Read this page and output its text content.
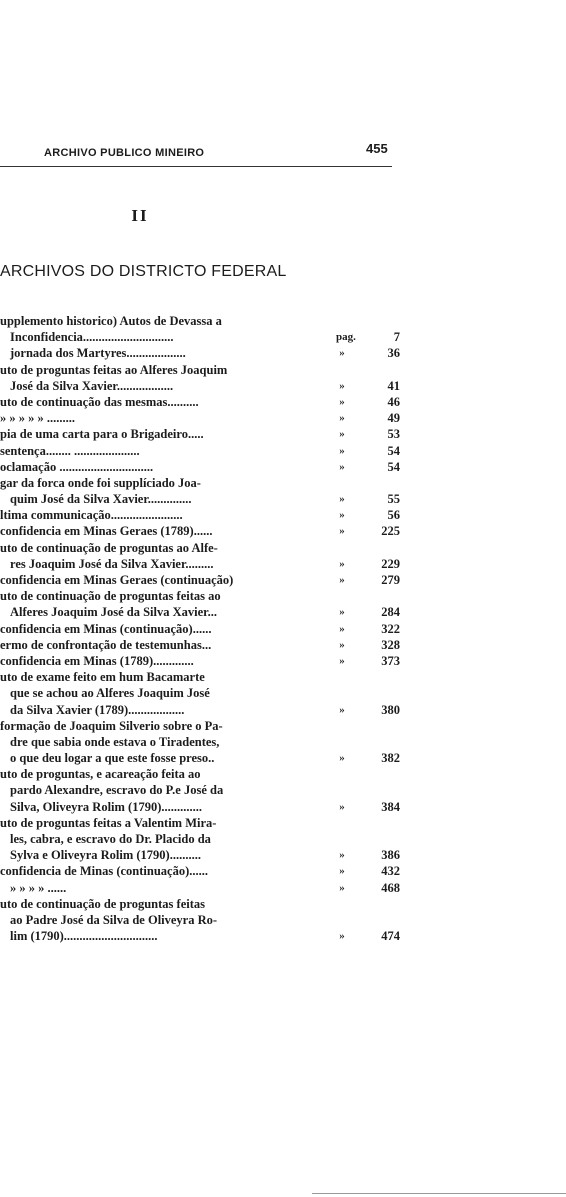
ARCHIVO PUBLICO MINEIRO	455
II
ARCHIVOS DO DISTRICTO FEDERAL
upplemento historico) Autos de Devassa a
Inconfidencia.............................	pag.	7
jornada dos Martyres...................	»	36
uto de proguntas feitas ao Alferes Joaquim
José da Silva Xavier..................	»	41
uto de continuação das mesmas..........	»	46
» » » » » .........	»	49
pia de uma carta para o Brigadeiro.....	»	53
sentença........ .....................	»	54
oclamação ..............................	»	54
gar da forca onde foi supplíciado Joa-
quim José da Silva Xavier..............	»	55
ltima communicação.......................	»	56
confidencia em Minas Geraes (1789)......	»	225
uto de continuação de proguntas ao Alfe-
res Joaquim José da Silva Xavier.........	»	229
confidencia em Minas Geraes (continuação)	»	279
uto de continuação de proguntas feitas ao
Alferes Joaquim José da Silva Xavier...	»	284
confidencia em Minas (continuação)......	»	322
ermo de confrontação de testemunhas...	»	328
confidencia em Minas (1789).............	»	373
uto de exame feito em hum Bacamarte
que se achou ao Alferes Joaquim José
da Silva Xavier (1789)..................	»	380
formação de Joaquim Silverio sobre o Pa-
dre que sabia onde estava o Tiradentes,
o que deu logar a que este fosse preso..	»	382
uto de proguntas, e acareação feita ao
pardo Alexandre, escravo do P.e José da
Silva, Oliveyra Rolim (1790).............	»	384
uto de proguntas feitas a Valentim Mira-
les, cabra, e escravo do Dr. Placido da
Sylva e Oliveyra Rolim (1790)..........	»	386
confidencia de Minas (continuação)......	»	432
» » » » ......	»	468
uto de continuação de proguntas feitas
ao Padre José da Silva de Oliveyra Ro-
lim (1790)..............................	»	474
